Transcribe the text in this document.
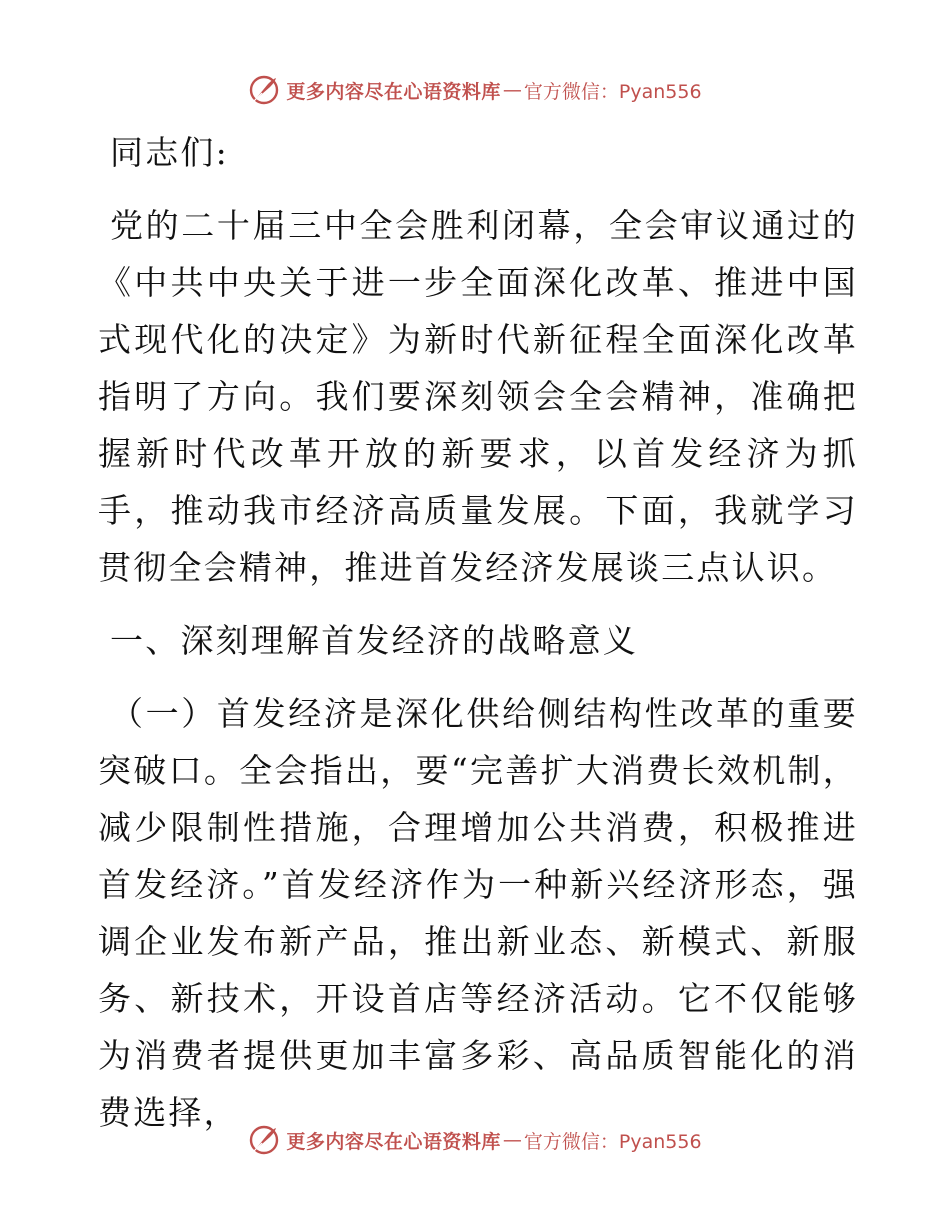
更多内容尽在心语资料库 — 官方微信：Pyan556

同志们:

党的二十届三中全会胜利闭幕，全会审议通过的《中共中央关于进一步全面深化改革、推进中国式现代化的决定》为新时代新征程全面深化改革指明了方向。我们要深刻领会全会精神，准确把握新时代改革开放的新要求，以首发经济为抓手，推动我市经济高质量发展。下面，我就学习贯彻全会精神，推进首发经济发展谈三点认识。

一、深刻理解首发经济的战略意义

（一）首发经济是深化供给侧结构性改革的重要突破口。全会指出，要“完善扩大消费长效机制，减少限制性措施，合理增加公共消费，积极推进首发经济。”首发经济作为一种新兴经济形态，强调企业发布新产品，推出新业态、新模式、新服务、新技术，开设首店等经济活动。它不仅能够为消费者提供更加丰富多彩、高品质智能化的消费选择，

更多内容尽在心语资料库 — 官方微信：Pyan556
